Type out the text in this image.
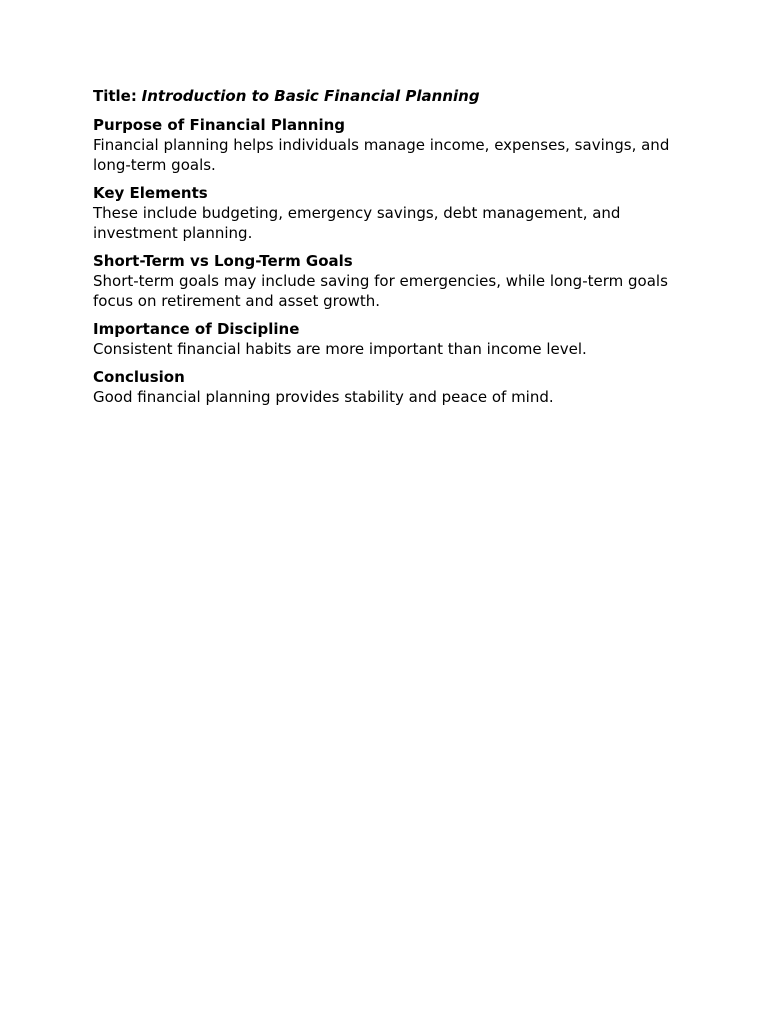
Title: Introduction to Basic Financial Planning
Purpose of Financial Planning

Financial planning helps individuals manage income, expenses, savings, and long-term goals.

Key Elements

These include budgeting, emergency savings, debt management, and investment planning.

Short-Term vs Long-Term Goals

Short-term goals may include saving for emergencies, while long-term goals focus on retirement and asset growth.

Importance of Discipline

Consistent financial habits are more important than income level.

Conclusion

Good financial planning provides stability and peace of mind.
